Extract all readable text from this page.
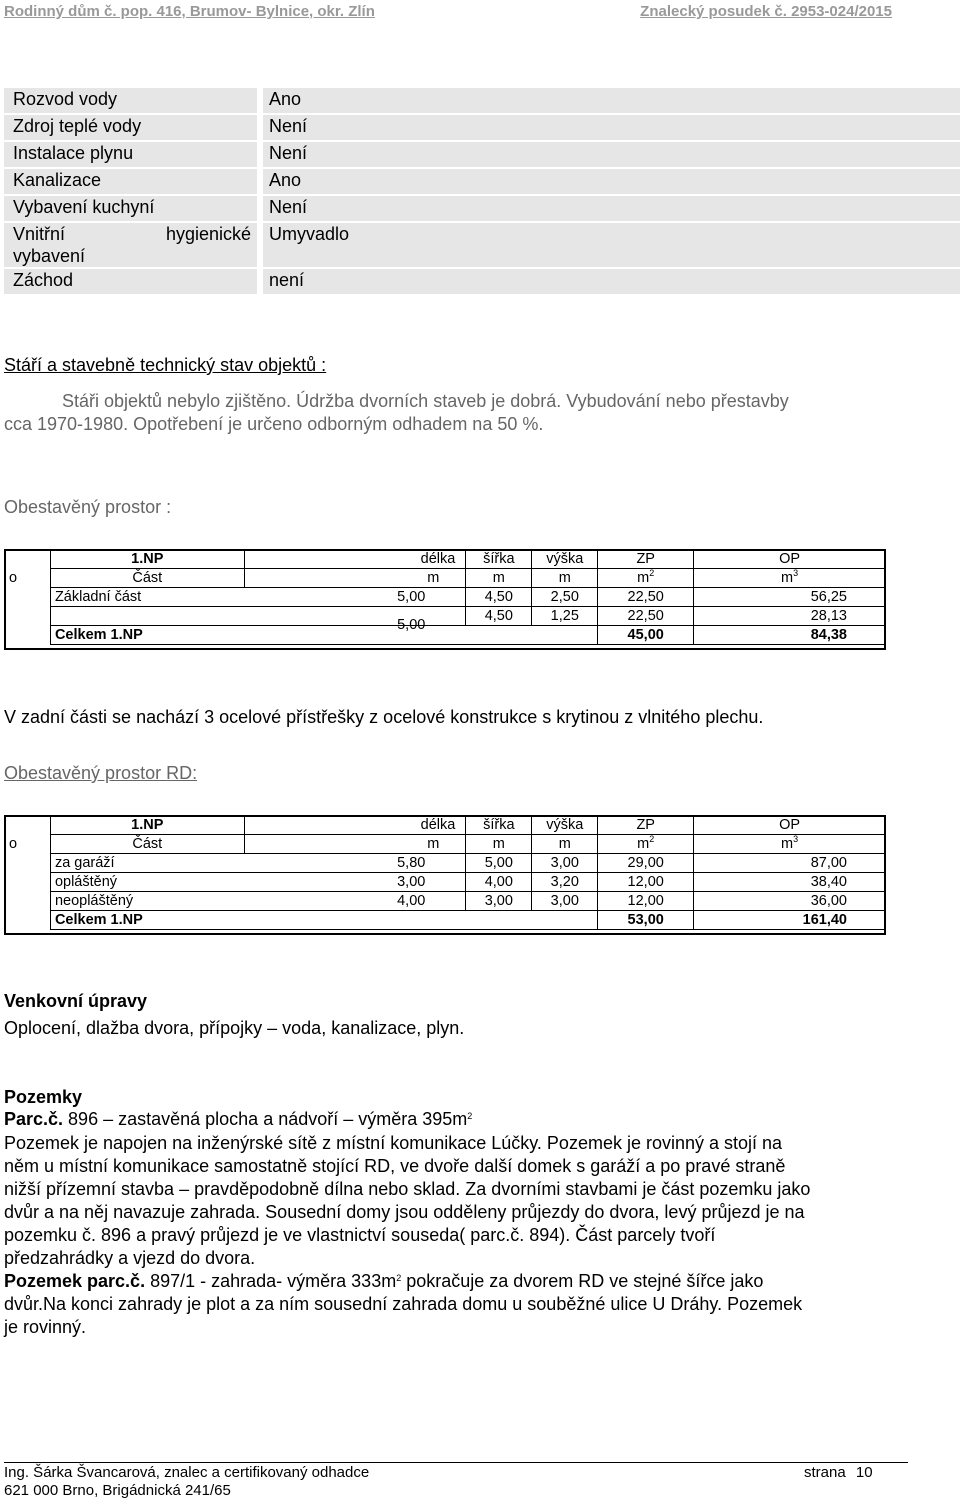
Rodinný dům č. pop. 416, Brumov- Bylnice, okr. Zlín	Znalecký posudek č. 2953-024/2015
Rozvod vody	Ano
Zdroj teplé vody	Není
Instalace plynu	Není
Kanalizace	Ano
Vybavení kuchyní	Není

Vnitřní hygienické
vybavení	Umyvadlo
Záchod	není
Stáří a stavebně technický stav objektů :
Stáři objektů nebylo zjištěno. Údržba dvorních staveb je dobrá. Vybudování nebo přestavby
cca 1970-1980. Opotřebení je určeno odborným odhadem na 50 %.
Obestavěný prostor :
	1.NP	délka	šířka	výška	ZP	OP
o	Část	m	m	m	$m^2$	$m^3$
	Základní část 5,00		4,50	2,50	22,50	56,25

	5,00		4,50	1,25	22,50	28,13
	Celkem 1.NP				45,00	84,38
V zadní části se nachází 3 ocelové přístřešky z ocelové konstrukce s krytinou z vlnitého plechu.
Obestavěný prostor RD:
	1.NP	délka	šířka	výška	ZP	OP
o	Část	m	m	m	$m^2$	$m^3$
	za garáží 5,80		5,00	3,00	29,00	87,00
	opláštěný 3,00		4,00	3,20	12,00	38,40
	neopláštěný 4,00		3,00	3,00	12,00	36,00
	Celkem 1.NP				53,00	161,40
Venkovní úpravy
Oplocení, dlažba dvora, přípojky – voda, kanalizace, plyn.
Pozemky
Parc.č. 896 – zastavěná plocha a nádvoří – výměra $395m^2$
Pozemek je napojen na inženýrské sítě z místní komunikace Lúčky. Pozemek je rovinný a stojí na
něm u místní komunikace samostatně stojící RD, ve dvoře další domek s garáží a po pravé straně
nižší přízemní stavba – pravděpodobně dílna nebo sklad. Za dvorními stavbami je část pozemku jako
dvůr a na něj navazuje zahrada. Sousední domy jsou odděleny průjezdy do dvora, levý průjezd je na
pozemku č. 896 a pravý průjezd je ve vlastnictví souseda( parc.č. 894). Část parcely tvoří
předzahrádky a vjezd do dvora.
Pozemek parc.č. 897/1 - zahrada- výměra $333m^2$ pokračuje za dvorem RD ve stejné šířce jako
dvůr.Na konci zahrady je plot a za ním sousední zahrada domu u souběžné ulice U Dráhy. Pozemek
je rovinný.
Ing. Šárka Švancarová, znalec a certifikovaný odhadce
621 000 Brno, Brigádnická 241/65
strana 10
